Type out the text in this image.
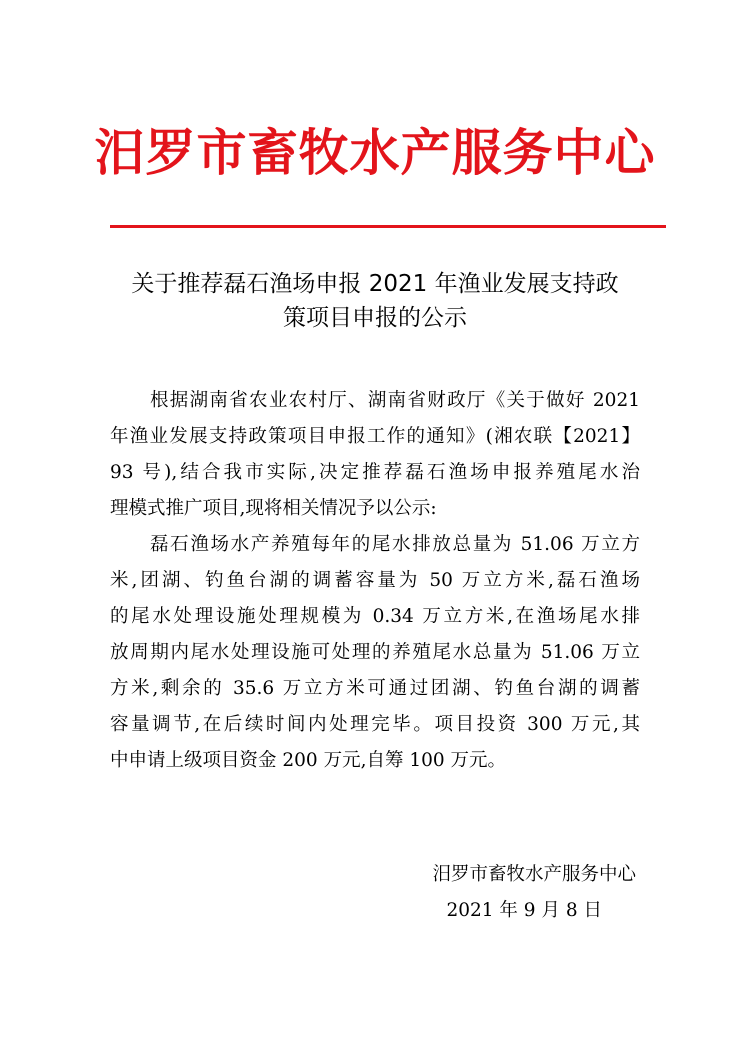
汨罗市畜牧水产服务中心
关于推荐磊石渔场申报 2021 年渔业发展支持政
策项目申报的公示
根据湖南省农业农村厅、湖南省财政厅《关于做好 2021
年渔业发展支持政策项目申报工作的通知》(湘农联【2021】
93 号),结合我市实际,决定推荐磊石渔场申报养殖尾水治
理模式推广项目,现将相关情况予以公示:
磊石渔场水产养殖每年的尾水排放总量为 51.06 万立方
米,团湖、钓鱼台湖的调蓄容量为 50 万立方米,磊石渔场
的尾水处理设施处理规模为 0.34 万立方米,在渔场尾水排
放周期内尾水处理设施可处理的养殖尾水总量为 51.06 万立
方米,剩余的 35.6 万立方米可通过团湖、钓鱼台湖的调蓄
容量调节,在后续时间内处理完毕。项目投资 300 万元,其
中申请上级项目资金 200 万元,自筹 100 万元。
汨罗市畜牧水产服务中心
2021 年 9 月 8 日
